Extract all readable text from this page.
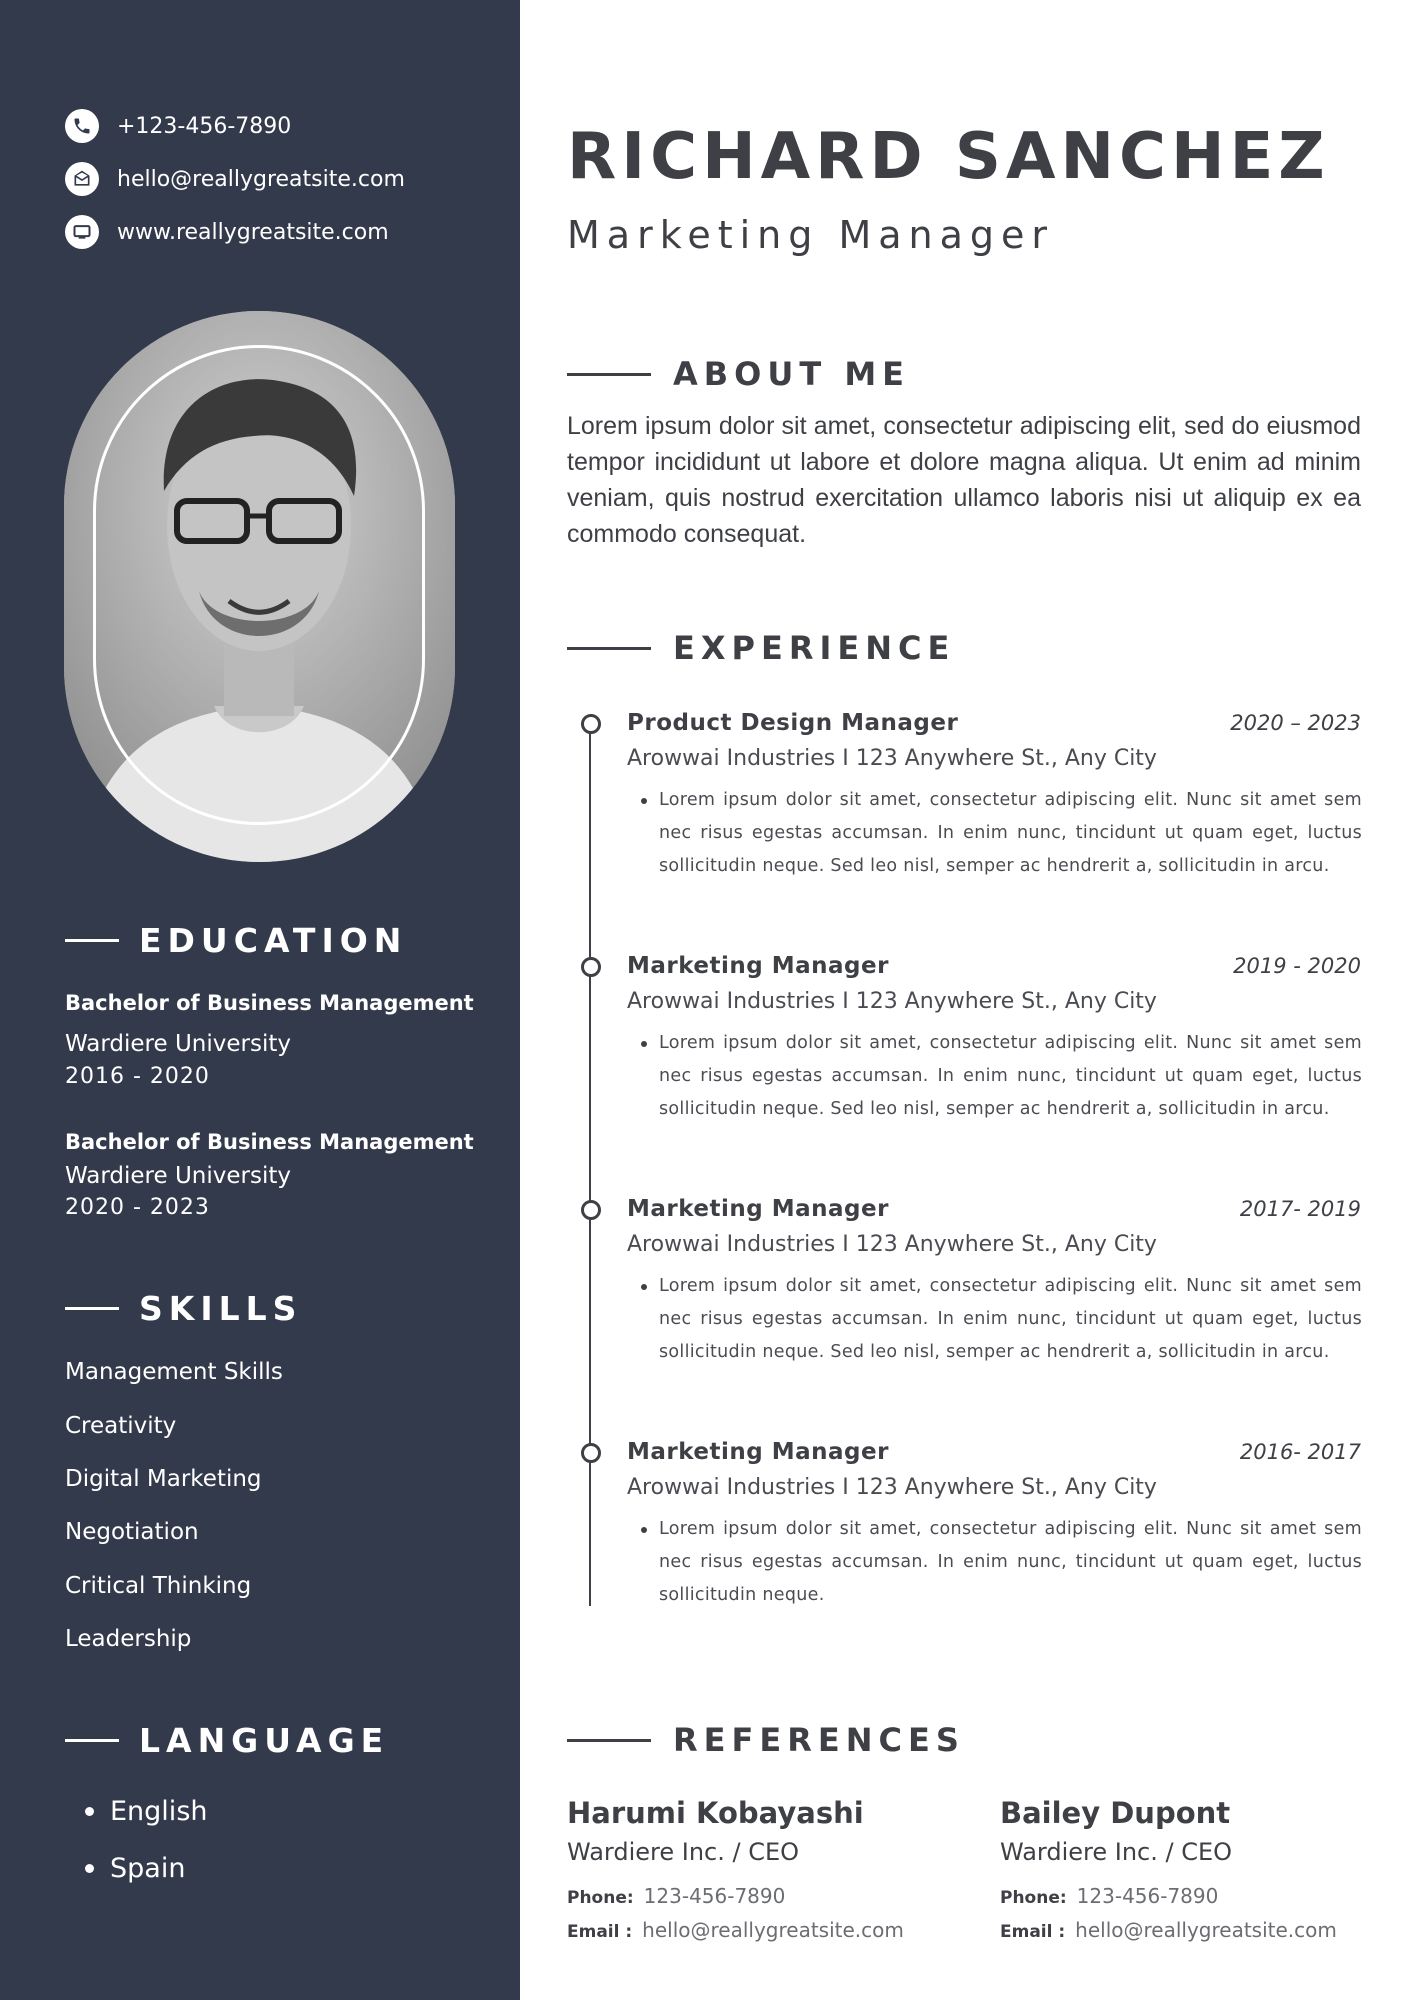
+123-456-7890
hello@reallygreatsite.com
www.reallygreatsite.com
EDUCATION
Bachelor of Business Management
Wardiere University
2016 - 2020
Bachelor of Business Management
Wardiere University
2020 - 2023
SKILLS
Management Skills
Creativity
Digital Marketing
Negotiation
Critical Thinking
Leadership
LANGUAGE
English
Spain
RICHARD SANCHEZ
Marketing Manager
ABOUT ME
Lorem ipsum dolor sit amet, consectetur adipiscing elit, sed do eiusmod tempor incididunt ut labore et dolore magna aliqua. Ut enim ad minim veniam, quis nostrud exercitation ullamco laboris nisi ut aliquip ex ea commodo consequat.
EXPERIENCE
Product Design Manager	2020 – 2023
Arowwai Industries I 123 Anywhere St., Any City
Lorem ipsum dolor sit amet, consectetur adipiscing elit. Nunc sit amet sem nec risus egestas accumsan. In enim nunc, tincidunt ut quam eget, luctus sollicitudin neque. Sed leo nisl, semper ac hendrerit a, sollicitudin in arcu.
Marketing Manager	2019 - 2020
Arowwai Industries I 123 Anywhere St., Any City
Lorem ipsum dolor sit amet, consectetur adipiscing elit. Nunc sit amet sem nec risus egestas accumsan. In enim nunc, tincidunt ut quam eget, luctus sollicitudin neque. Sed leo nisl, semper ac hendrerit a, sollicitudin in arcu.
Marketing Manager	2017- 2019
Arowwai Industries I 123 Anywhere St., Any City
Lorem ipsum dolor sit amet, consectetur adipiscing elit. Nunc sit amet sem nec risus egestas accumsan. In enim nunc, tincidunt ut quam eget, luctus sollicitudin neque. Sed leo nisl, semper ac hendrerit a, sollicitudin in arcu.
Marketing Manager	2016- 2017
Arowwai Industries I 123 Anywhere St., Any City
Lorem ipsum dolor sit amet, consectetur adipiscing elit. Nunc sit amet sem nec risus egestas accumsan. In enim nunc, tincidunt ut quam eget, luctus sollicitudin neque.
REFERENCES
Harumi Kobayashi
Wardiere Inc. / CEO
Phone: 123-456-7890
Email : hello@reallygreatsite.com
Bailey Dupont
Wardiere Inc. / CEO
Phone: 123-456-7890
Email : hello@reallygreatsite.com
